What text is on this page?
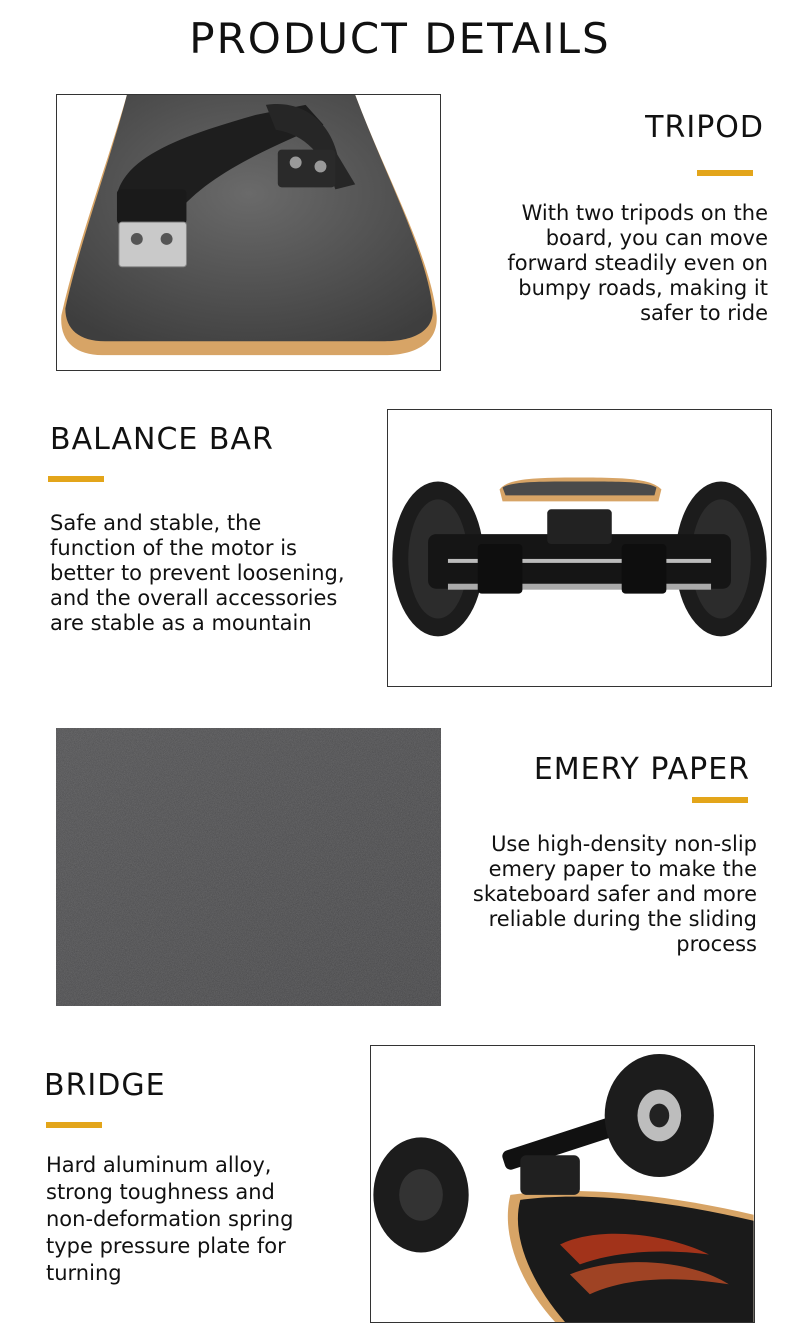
PRODUCT DETAILS
TRIPOD
With two tripods on the
board, you can move
forward steadily even on
bumpy roads, making it
safer to ride
BALANCE BAR
Safe and stable, the
function of the motor is
better to prevent loosening,
and the overall accessories
are stable as a mountain
EMERY PAPER
Use high-density non-slip
emery paper to make the
skateboard safer and more
reliable during the sliding
process
BRIDGE
Hard aluminum alloy,
strong toughness and
non-deformation spring
type pressure plate for
turning
